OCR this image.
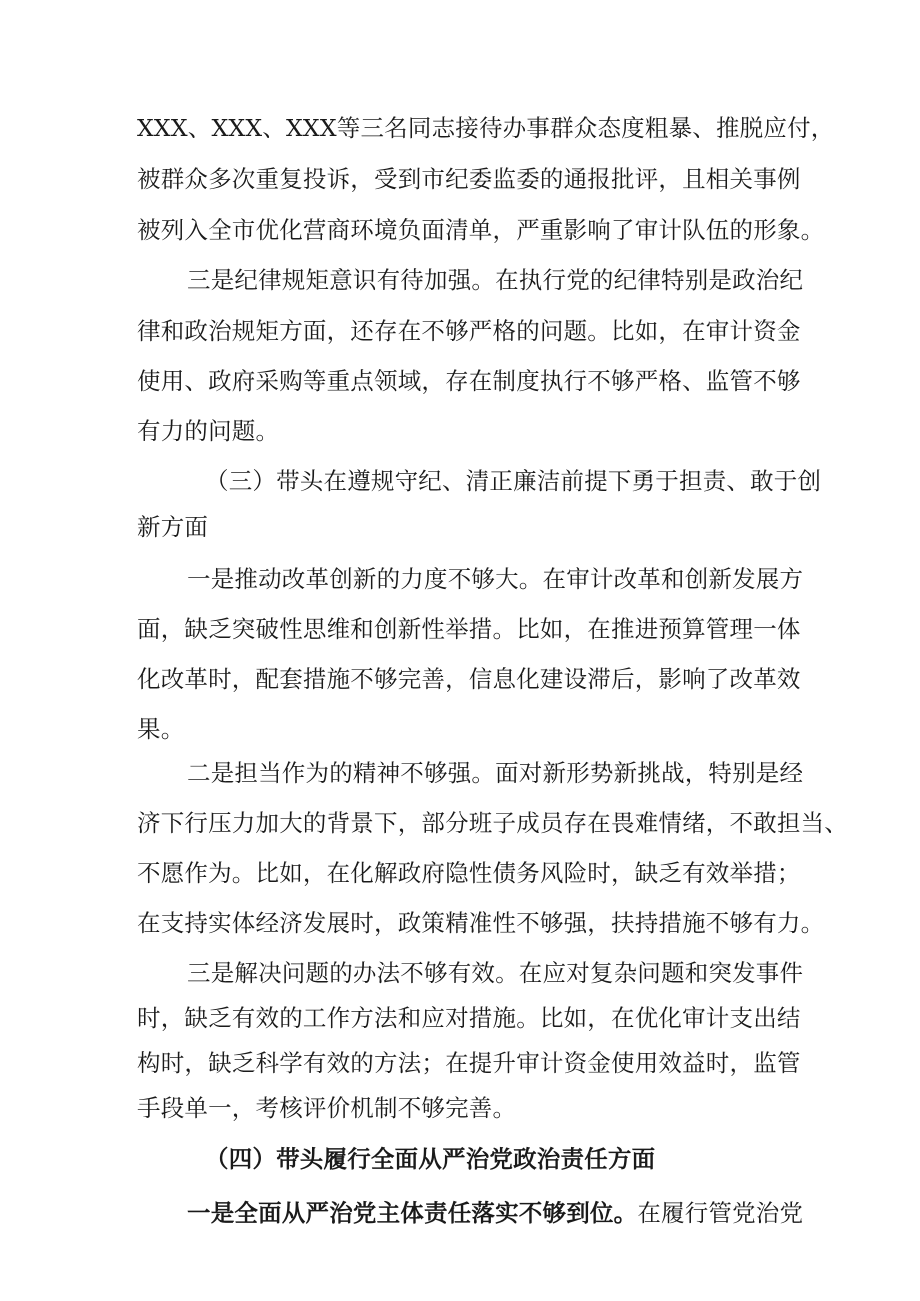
XXX、XXX、XXX等三名同志接待办事群众态度粗暴、推脱应付，
被群众多次重复投诉，受到市纪委监委的通报批评，且相关事例
被列入全市优化营商环境负面清单，严重影响了审计队伍的形象。
三是纪律规矩意识有待加强。在执行党的纪律特别是政治纪
律和政治规矩方面，还存在不够严格的问题。比如，在审计资金
使用、政府采购等重点领域，存在制度执行不够严格、监管不够
有力的问题。
（三）带头在遵规守纪、清正廉洁前提下勇于担责、敢于创
新方面
一是推动改革创新的力度不够大。在审计改革和创新发展方
面，缺乏突破性思维和创新性举措。比如，在推进预算管理一体
化改革时，配套措施不够完善，信息化建设滞后，影响了改革效
果。
二是担当作为的精神不够强。面对新形势新挑战，特别是经
济下行压力加大的背景下，部分班子成员存在畏难情绪，不敢担当、
不愿作为。比如，在化解政府隐性债务风险时，缺乏有效举措；
在支持实体经济发展时，政策精准性不够强，扶持措施不够有力。
三是解决问题的办法不够有效。在应对复杂问题和突发事件
时，缺乏有效的工作方法和应对措施。比如，在优化审计支出结
构时，缺乏科学有效的方法；在提升审计资金使用效益时，监管
手段单一，考核评价机制不够完善。
（四）带头履行全面从严治党政治责任方面
一是全面从严治党主体责任落实不够到位。在履行管党治党
